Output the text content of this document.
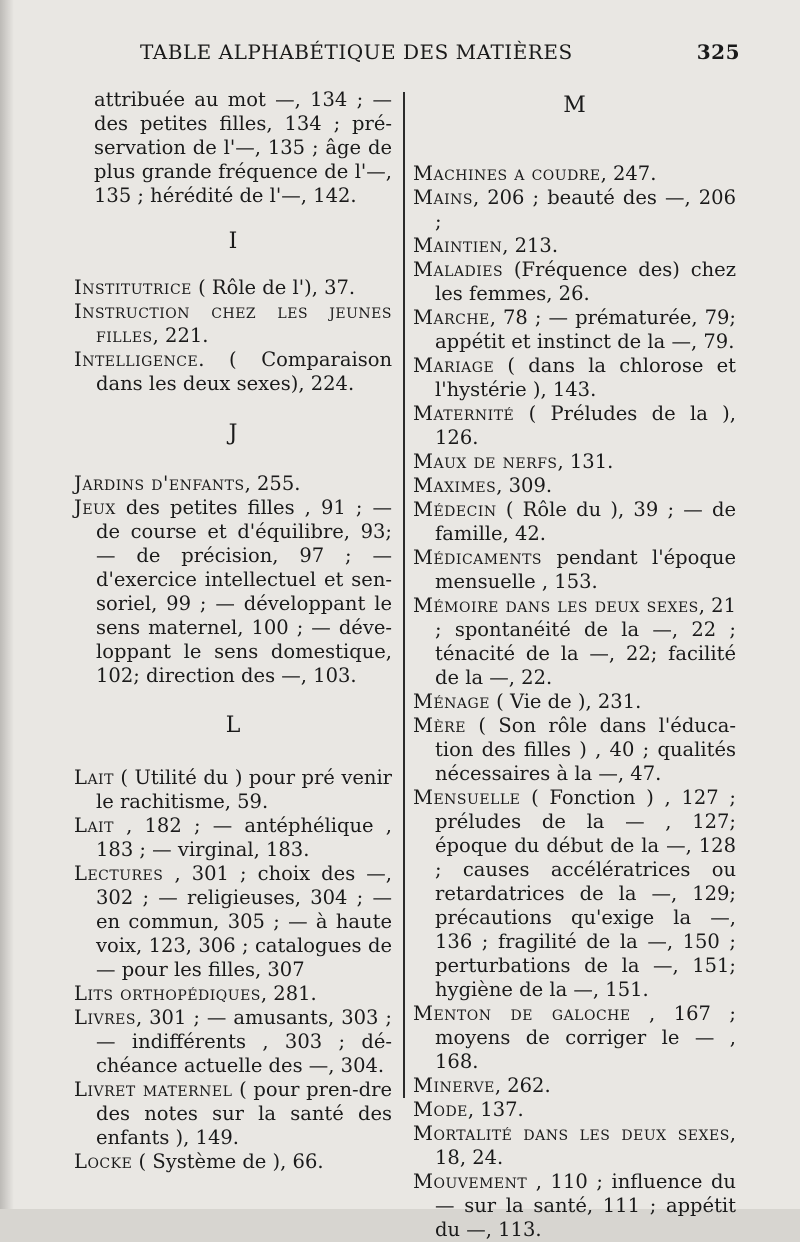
TABLE ALPHABÉTIQUE DES MATIÈRES	325

attribuée au mot —, 134 ; — des petites filles, 134 ; pré-servation de l'—, 135 ; âge de plus grande fréquence de l'—, 135 ; hérédité de l'—, 142.

I

Institutrice ( Rôle de l'), 37.

Instruction chez les jeunes filles, 221.

Intelligence. ( Comparaison dans les deux sexes), 224.

J

Jardins d'enfants, 255.

Jeux des petites filles , 91 ; — de course et d'équilibre, 93; — de précision, 97 ; — d'exercice intellectuel et sen-soriel, 99 ; — développant le sens maternel, 100 ; — déve-loppant le sens domestique, 102; direction des —, 103.

L

Lait ( Utilité du ) pour pré venir le rachitisme, 59.

Lait , 182 ; — antéphélique , 183 ; — virginal, 183.

Lectures , 301 ; choix des —, 302 ; — religieuses, 304 ; — en commun, 305 ; — à haute voix, 123, 306 ; catalogues de — pour les filles, 307

Lits orthopédiques, 281.

Livres, 301 ; — amusants, 303 ; — indifférents , 303 ; dé-chéance actuelle des —, 304.

Livret maternel ( pour pren-dre des notes sur la santé des enfants ), 149.

Locke ( Système de ), 66.

M

Machines a coudre, 247.

Mains, 206 ; beauté des —, 206 ;

Maintien, 213.

Maladies (Fréquence des) chez les femmes, 26.

Marche, 78 ; — prématurée, 79; appétit et instinct de la —, 79.

Mariage ( dans la chlorose et l'hystérie ), 143.

Maternité ( Préludes de la ), 126.

Maux de nerfs, 131.

Maximes, 309.

Médecin ( Rôle du ), 39 ; — de famille, 42.

Médicaments pendant l'époque mensuelle , 153.

Mémoire dans les deux sexes, 21 ; spontanéité de la —, 22 ; ténacité de la —, 22; facilité de la —, 22.

Ménage ( Vie de ), 231.

Mère ( Son rôle dans l'éduca-tion des filles ) , 40 ; qualités nécessaires à la —, 47.

Mensuelle ( Fonction ) , 127 ; préludes de la — , 127; époque du début de la —, 128 ; causes accélératrices ou retardatrices de la —, 129; précautions qu'exige la —, 136 ; fragilité de la —, 150 ; perturbations de la —, 151; hygiène de la —, 151.

Menton de galoche , 167 ; moyens de corriger le — , 168.

Minerve, 262.

Mode, 137.

Mortalité dans les deux sexes, 18, 24.

Mouvement , 110 ; influence du — sur la santé, 111 ; appétit du —, 113.
